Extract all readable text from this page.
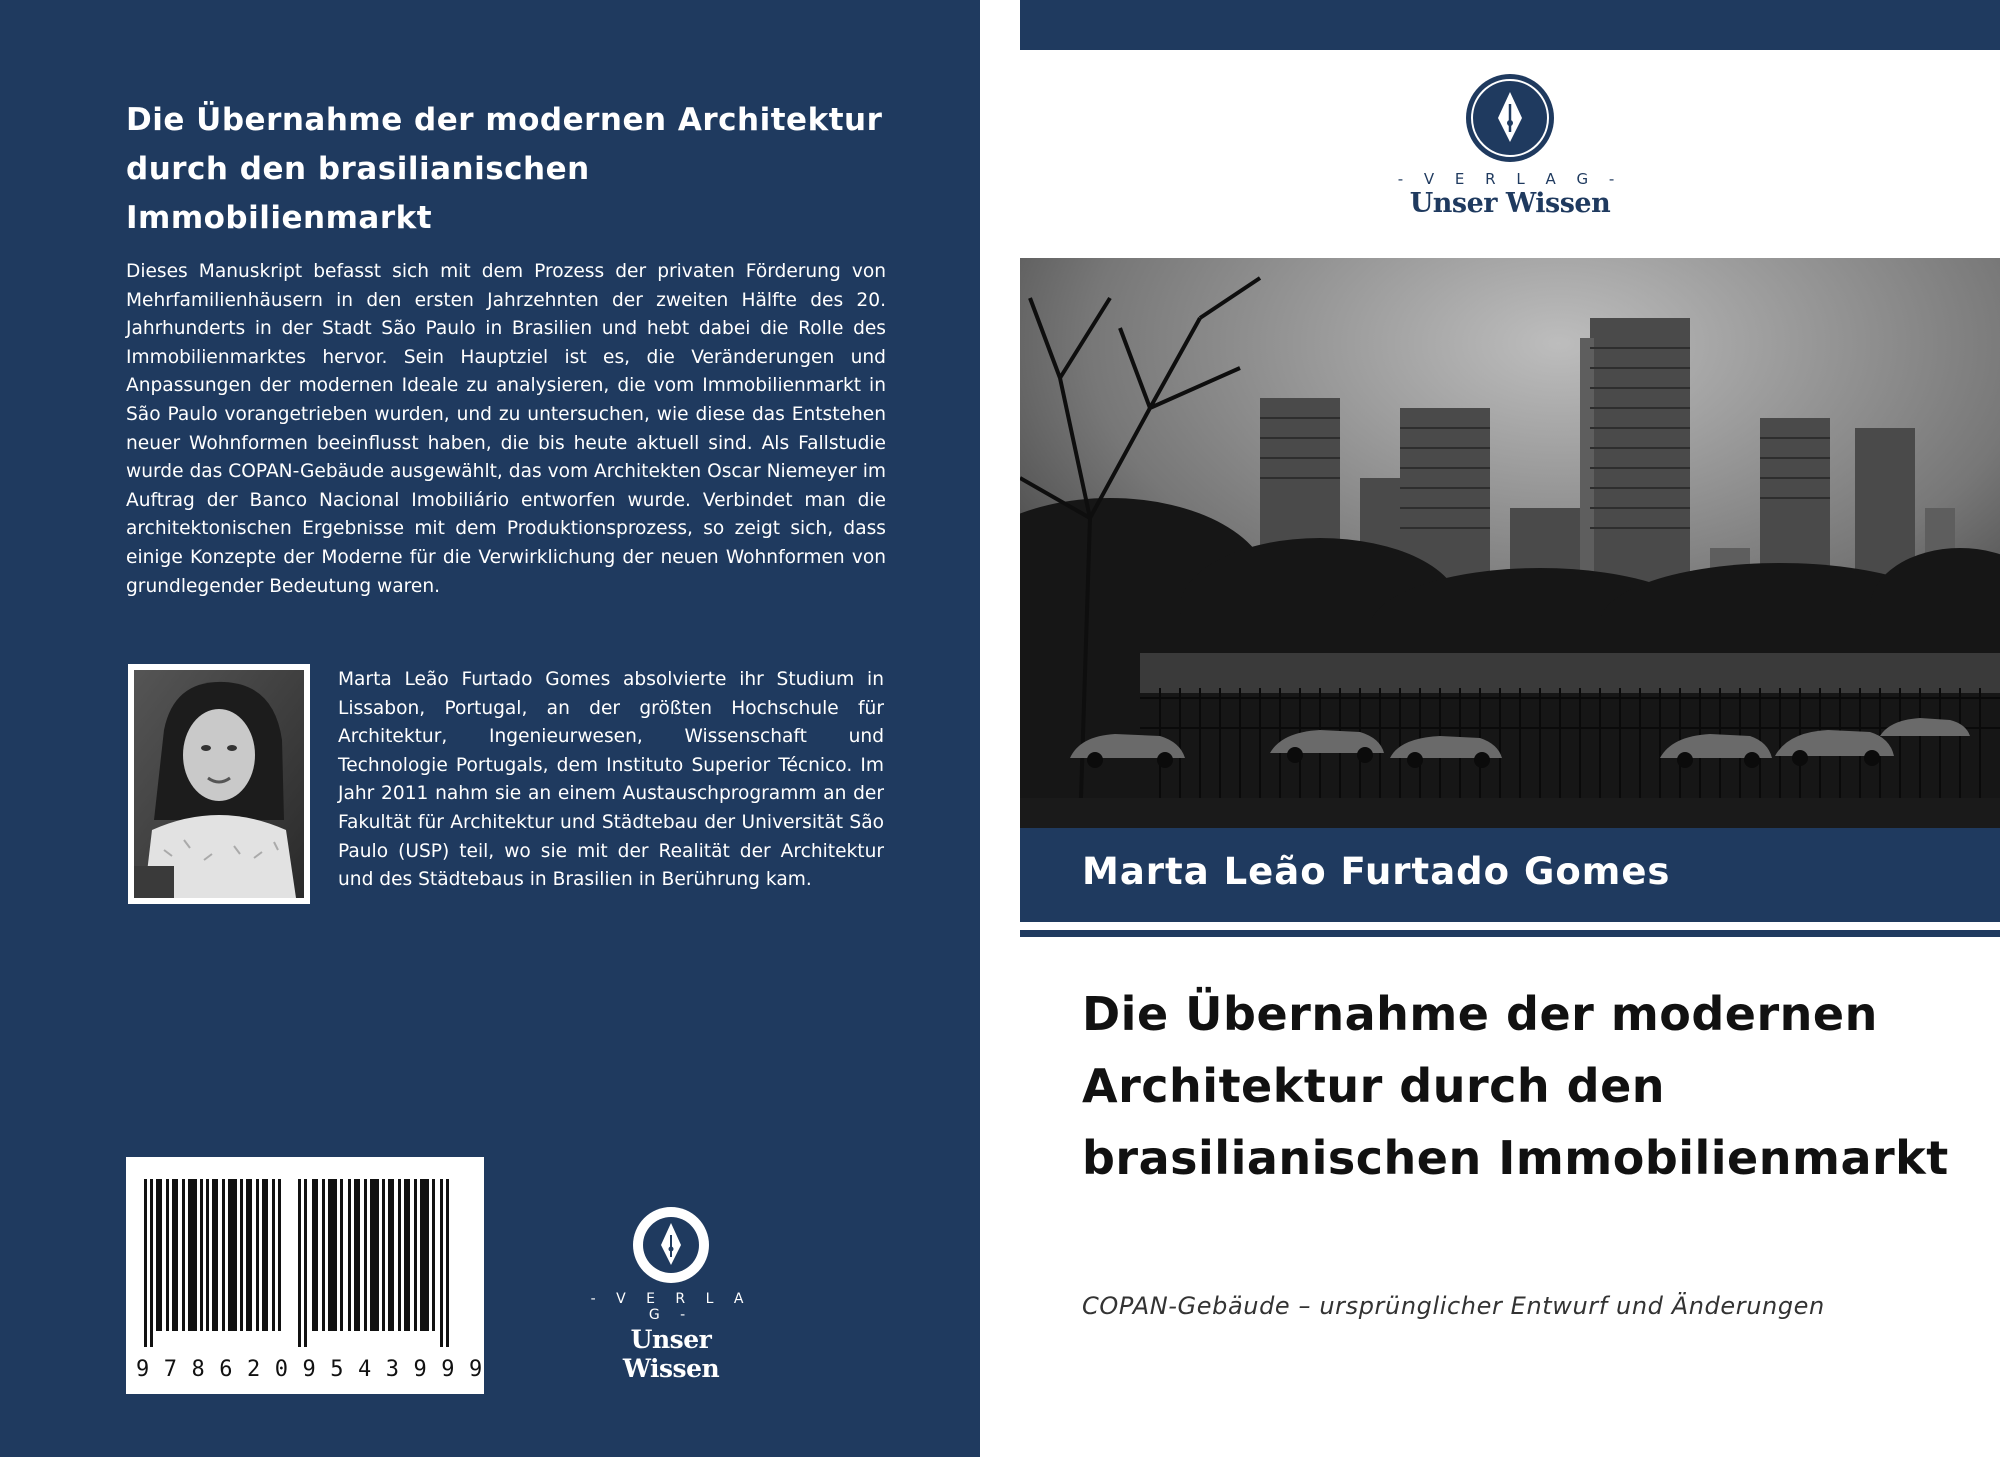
Die Übernahme der modernen Architektur durch den brasilianischen Immobilienmarkt

Dieses Manuskript befasst sich mit dem Prozess der privaten Förderung von Mehrfamilienhäusern in den ersten Jahrzehnten der zweiten Hälfte des 20. Jahrhunderts in der Stadt São Paulo in Brasilien und hebt dabei die Rolle des Immobilienmarktes hervor. Sein Hauptziel ist es, die Veränderungen und Anpassungen der modernen Ideale zu analysieren, die vom Immobilienmarkt in São Paulo vorangetrieben wurden, und zu untersuchen, wie diese das Entstehen neuer Wohnformen beeinflusst haben, die bis heute aktuell sind. Als Fallstudie wurde das COPAN-Gebäude ausgewählt, das vom Architekten Oscar Niemeyer im Auftrag der Banco Nacional Imobiliário entworfen wurde. Verbindet man die architektonischen Ergebnisse mit dem Produktionsprozess, so zeigt sich, dass einige Konzepte der Moderne für die Verwirklichung der neuen Wohnformen von grundlegender Bedeutung waren.

Marta Leão Furtado Gomes absolvierte ihr Studium in Lissabon, Portugal, an der größten Hochschule für Architektur, Ingenieurwesen, Wissenschaft und Technologie Portugals, dem Instituto Superior Técnico. Im Jahr 2011 nahm sie an einem Austauschprogramm an der Fakultät für Architektur und Städtebau der Universität São Paulo (USP) teil, wo sie mit der Realität der Architektur und des Städtebaus in Brasilien in Berührung kam.

9786209543999
- V E R L A G -
Unser Wissen
- V E R L A G -
Unser Wissen
Marta Leão Furtado Gomes
Die Übernahme der modernen Architektur durch den brasilianischen Immobilienmarkt

COPAN-Gebäude – ursprünglicher Entwurf und Änderungen
